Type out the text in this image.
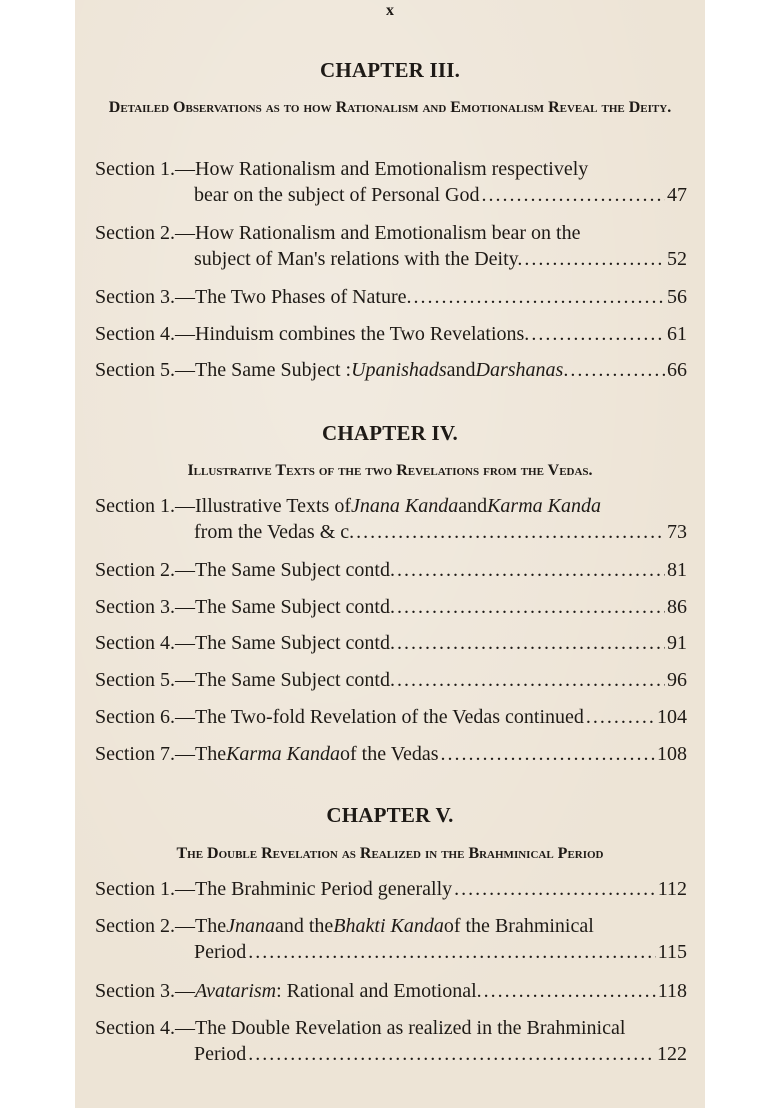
x
CHAPTER III.
Detailed Observations as to how Rationalism and Emotionalism Reveal the Deity.
Section 1. —How Rationalism and Emotionalism respectively
bear on the subject of Personal God .....	47
Section 2. —How Rationalism and Emotionalism bear on the
subject of Man's relations with the Deity. .....	52
Section 3. —The Two Phases of Nature. .....	56
Section 4. —Hinduism combines the Two Revelations. .....	61
Section 5. —The Same Subject : Upanishads and Darshanas . .....	66
CHAPTER IV.
Illustrative Texts of the two Revelations from the Vedas.
Section 1. —Illustrative Texts of Jnana Kanda and Karma Kanda
from the Vedas & c. .....	73
Section 2. —The Same Subject contd. .....	81
Section 3. —The Same Subject contd. .....	86
Section 4. —The Same Subject contd. .....	91
Section 5. —The Same Subject contd. .....	96
Section 6. —The Two-fold Revelation of the Vedas continued .....	104
Section 7. —The Karma Kanda of the Vedas .....	108
CHAPTER V.
The Double Revelation as Realized in the Brahminical Period
Section 1. —The Brahminic Period generally .....	112
Section 2. —The Jnana and the Bhakti Kanda of the Brahminical
Period .....	115
Section 3. — Avatarism : Rational and Emotional. .....	118
Section 4. —The Double Revelation as realized in the Brahminical
Period .....	122
